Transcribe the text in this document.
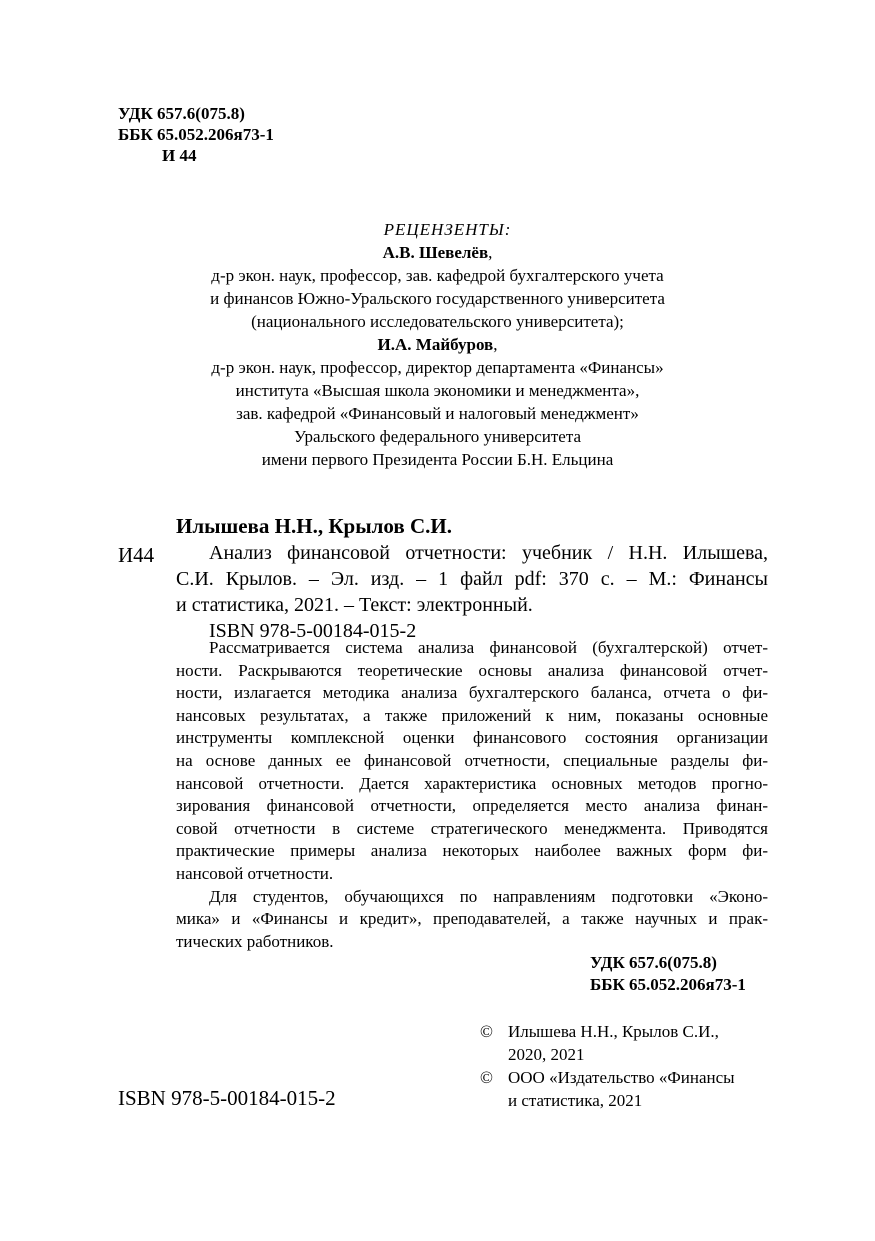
УДК 657.6(075.8)
ББК 65.052.206я73-1
И 44
РЕЦЕНЗЕНТЫ:
А.В. Шевелёв,
д-р экон. наук, профессор, зав. кафедрой бухгалтерского учета
и финансов Южно-Уральского государственного университета
(национального исследовательского университета);
И.А. Майбуров,
д-р экон. наук, профессор, директор департамента «Финансы»
института «Высшая школа экономики и менеджмента»,
зав. кафедрой «Финансовый и налоговый менеджмент»
Уральского федерального университета
имени первого Президента России Б.Н. Ельцина
Илышева Н.Н., Крылов С.И.
И44	Анализ финансовой отчетности: учебник / Н.Н. Илышева,
С.И. Крылов. – Эл. изд. – 1 файл pdf: 370 с. – М.: Финансы
и статистика, 2021. – Текст: электронный.
ISBN 978-5-00184-015-2
Рассматривается система анализа финансовой (бухгалтерской) отчет-
ности. Раскрываются теоретические основы анализа финансовой отчет-
ности, излагается методика анализа бухгалтерского баланса, отчета о фи-
нансовых результатах, а также приложений к ним, показаны основные
инструменты комплексной оценки финансового состояния организации
на основе данных ее финансовой отчетности, специальные разделы фи-
нансовой отчетности. Дается характеристика основных методов прогно-
зирования финансовой отчетности, определяется место анализа финан-
совой отчетности в системе стратегического менеджмента. Приводятся
практические примеры анализа некоторых наиболее важных форм фи-
нансовой отчетности.
Для студентов, обучающихся по направлениям подготовки «Эконо-
мика» и «Финансы и кредит», преподавателей, а также научных и прак-
тических работников.
УДК 657.6(075.8)
ББК 65.052.206я73-1
© Илышева Н.Н., Крылов С.И.,
2020, 2021
© ООО «Издательство «Финансы
и статистика, 2021
ISBN 978-5-00184-015-2
